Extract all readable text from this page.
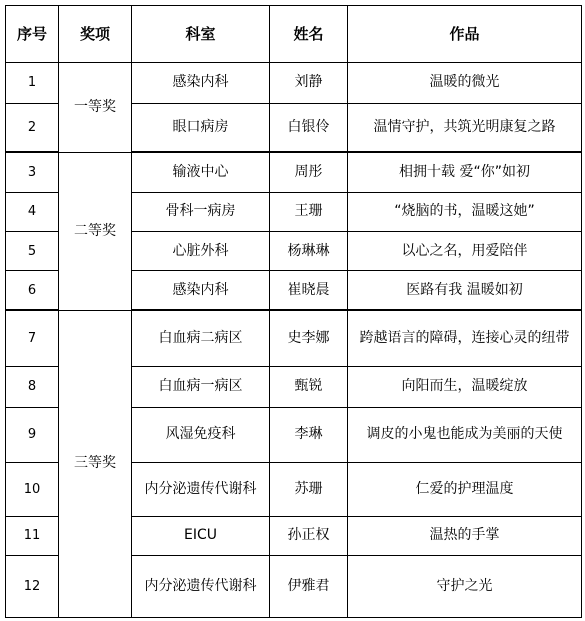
序号	奖项	科室	姓名	作品
1	一等奖	感染内科	刘静	温暖的微光
2		眼口病房	白银伶	温情守护，共筑光明康复之路
3	二等奖	输液中心	周彤	相拥十载 爱“你”如初
4		骨科一病房	王珊	“烧脑的书，温暖这她”
5		心脏外科	杨琳琳	以心之名，用爱陪伴
6		感染内科	崔晓晨	医路有我 温暖如初
7	三等奖	白血病二病区	史李娜	跨越语言的障碍，连接心灵的纽带
8		白血病一病区	甄锐	向阳而生，温暖绽放
9		风湿免疫科	李琳	调皮的小鬼也能成为美丽的天使
10		内分泌遗传代谢科	苏珊	仁爱的护理温度
11		EICU	孙正权	温热的手掌
12		内分泌遗传代谢科	伊雅君	守护之光
